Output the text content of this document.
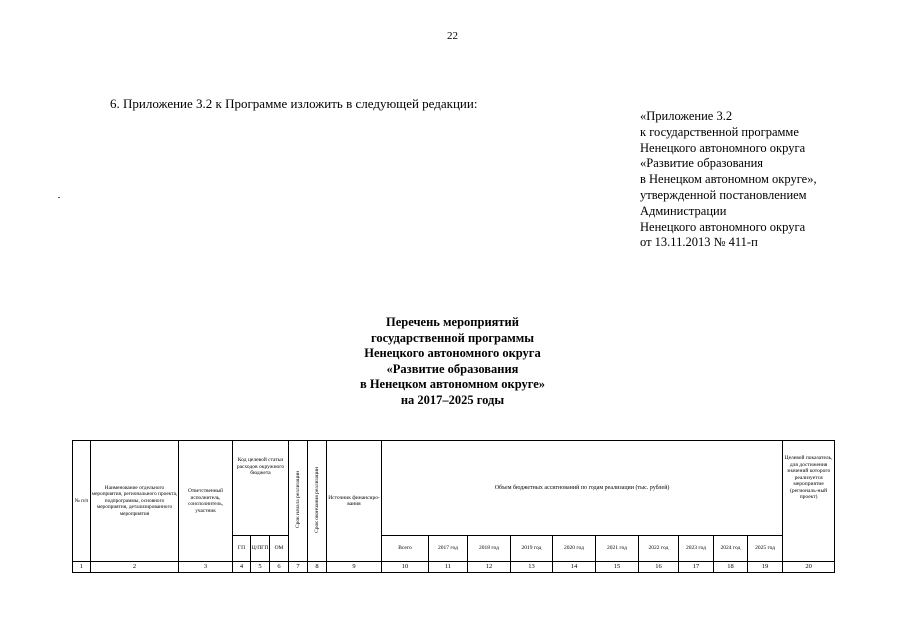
22
6. Приложение 3.2 к Программе изложить в следующей редакции:
«Приложение 3.2
к государственной программе
Ненецкого автономного округа
«Развитие образования
в Ненецком автономном округе»,
утвержденной постановлением
Администрации
Ненецкого автономного округа
от 13.11.2013 № 411-п
Перечень мероприятий
государственной программы
Ненецкого автономного округа
«Развитие образования
в Ненецком автономном округе»
на 2017–2025 годы
№ п/п	Наименование отдельного мероприятия, регионального проекта, подпрограммы, основного мероприятия, детализированного мероприятия	Ответственный исполнитель, соисполнитель, участник	Код целевой статьи расходов окружного бюджета			Срок начала реализации	Срок окончания реализации	Источник финансиро-вания	Объем бюджетных ассигнований по годам реализации (тыс. рублей)										Целевой показатель, для достижения значений которого реализуется мероприятие (региональ-ный проект)
			ГП	Ц/ПГП	ОМ				Всего	2017 год	2018 год	2019 год	2020 год	2021 год	2022 год	2023 год	2024 год	2025 год	
1	2	3	4	5	6	7	8	9	10	11	12	13	14	15	16	17	18	19	20
